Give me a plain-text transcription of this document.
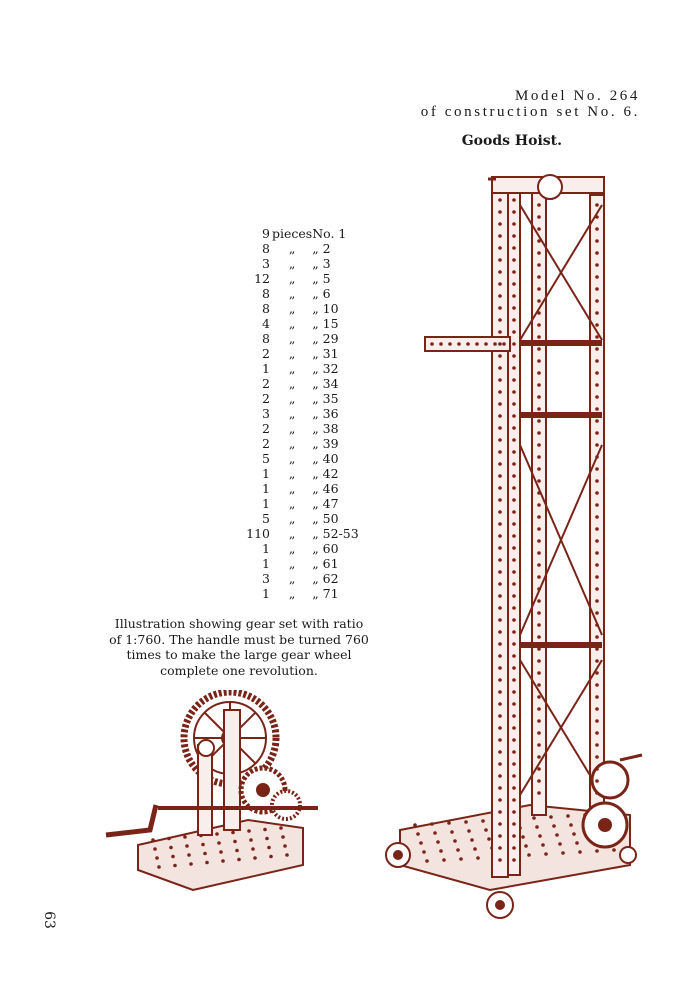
Model No. 264
of construction set No. 6.
Goods Hoist.
9	pieces	No. 1
8	„	„ 2
3	„	„ 3
12	„	„ 5
8	„	„ 6
8	„	„ 10
4	„	„ 15
8	„	„ 29
2	„	„ 31
1	„	„ 32
2	„	„ 34
2	„	„ 35
3	„	„ 36
2	„	„ 38
2	„	„ 39
5	„	„ 40
1	„	„ 42
1	„	„ 46
1	„	„ 47
5	„	„ 50
110	„	„ 52-53
1	„	„ 60
1	„	„ 61
3	„	„ 62
1	„	„ 71
Illustration showing gear set with ratio of 1:760. The handle must be turned 760 times to make the large gear wheel complete one revolution.
63
